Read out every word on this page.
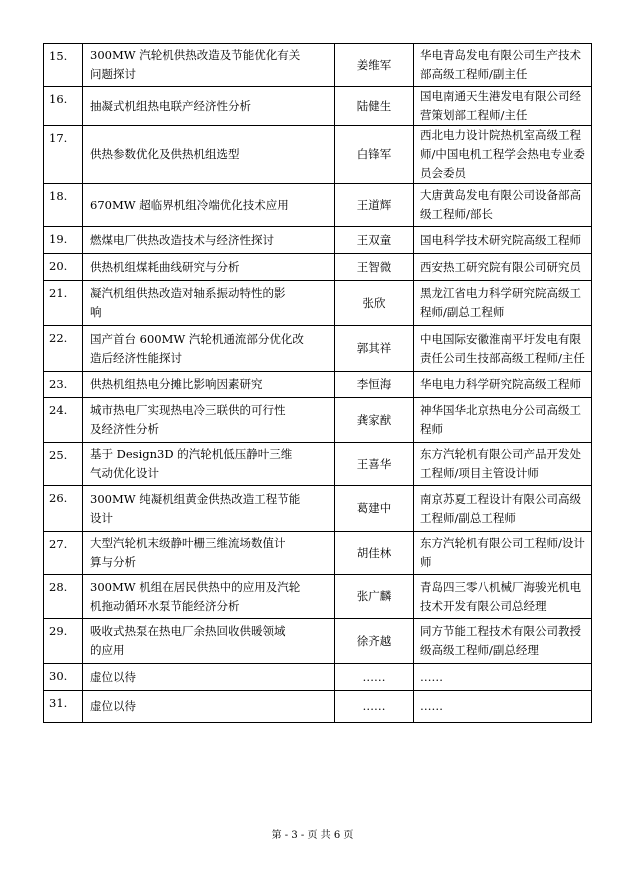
15.	300MW 汽轮机供热改造及节能优化有关
问题探讨	姜维军	华电青岛发电有限公司生产技术
部高级工程师/副主任
16.	抽凝式机组热电联产经济性分析	陆健生	国电南通天生港发电有限公司经
营策划部工程师/主任
17.	供热参数优化及供热机组选型	白锋军	西北电力设计院热机室高级工程
师/中国电机工程学会热电专业委
员会委员
18.	670MW 超临界机组冷端优化技术应用	王道辉	大唐黄岛发电有限公司设备部高
级工程师/部长
19.	燃煤电厂供热改造技术与经济性探讨	王双童	国电科学技术研究院高级工程师
20.	供热机组煤耗曲线研究与分析	王智微	西安热工研究院有限公司研究员
21.	凝汽机组供热改造对轴系振动特性的影
响	张欣	黑龙江省电力科学研究院高级工
程师/副总工程师
22.	国产首台 600MW 汽轮机通流部分优化改
造后经济性能探讨	郭其祥	中电国际安徽淮南平圩发电有限
责任公司生技部高级工程师/主任
23.	供热机组热电分摊比影响因素研究	李恒海	华电电力科学研究院高级工程师
24.	城市热电厂实现热电冷三联供的可行性
及经济性分析	龚家猷	神华国华北京热电分公司高级工
程师
25.	基于 Design3D 的汽轮机低压静叶三维
气动优化设计	王喜华	东方汽轮机有限公司产品开发处
工程师/项目主管设计师
26.	300MW 纯凝机组黄金供热改造工程节能
设计	葛建中	南京苏夏工程设计有限公司高级
工程师/副总工程师
27.	大型汽轮机末级静叶栅三维流场数值计
算与分析	胡佳林	东方汽轮机有限公司工程师/设计
师
28.	300MW 机组在居民供热中的应用及汽轮
机拖动循环水泵节能经济分析	张广麟	青岛四三零八机械厂海骏光机电
技术开发有限公司总经理
29.	吸收式热泵在热电厂余热回收供暖领域
的应用	徐齐越	同方节能工程技术有限公司教授
级高级工程师/副总经理
30.	虚位以待	……	……
31.	虚位以待	……	……
第 - 3 - 页 共 6 页
